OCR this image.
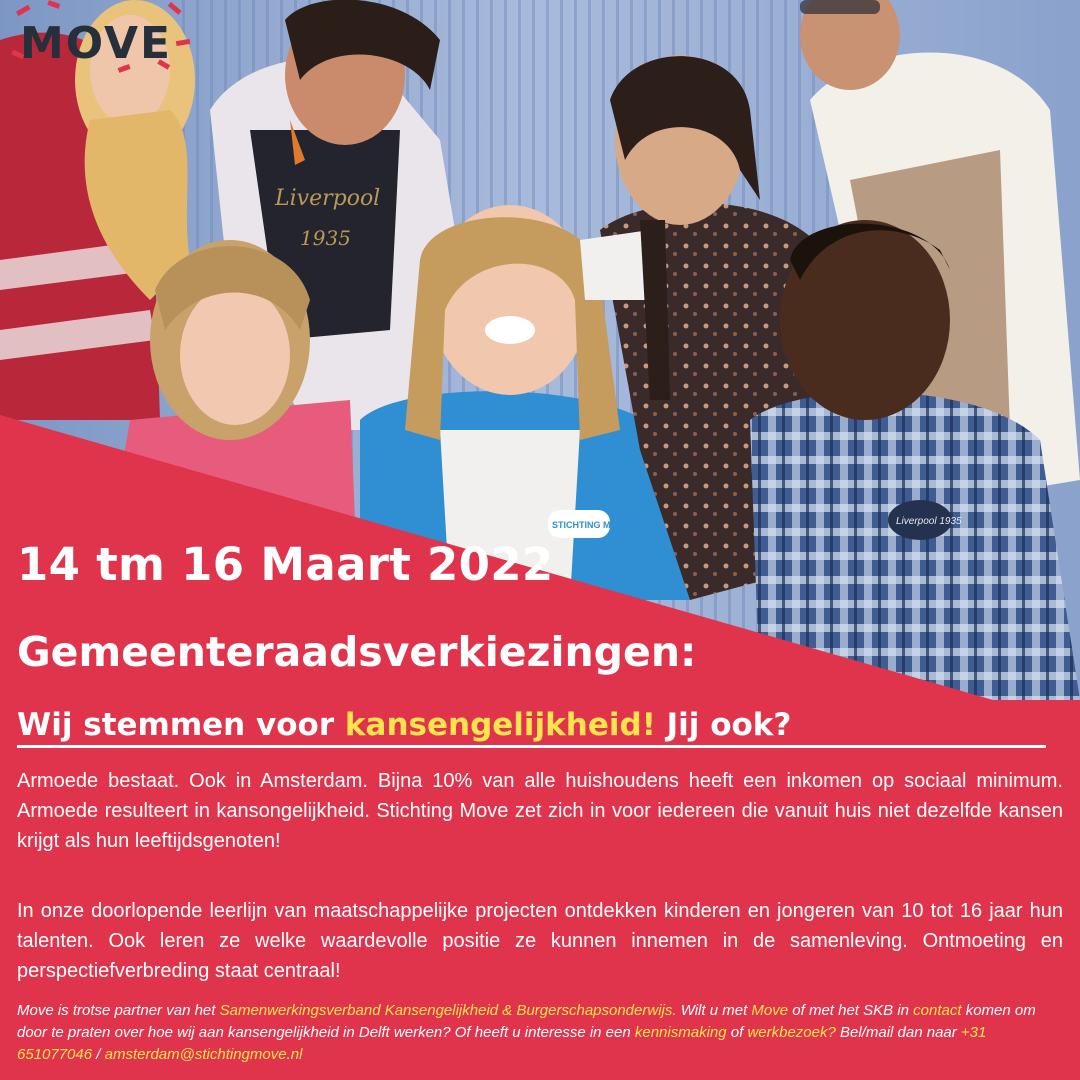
Liverpool
1935
STICHTING MOVE	Liverpool 1935
MOVE
14 tm 16 Maart 2022
Gemeenteraadsverkiezingen:
Wij stemmen voor kansengelijkheid! Jij ook?
Armoede bestaat. Ook in Amsterdam. Bijna 10% van alle huishoudens heeft een inkomen op sociaal minimum. Armoede resulteert in kansongelijkheid. Stichting Move zet zich in voor iedereen die vanuit huis niet dezelfde kansen krijgt als hun leeftijdsgenoten!
In onze doorlopende leerlijn van maatschappelijke projecten ontdekken kinderen en jongeren van 10 tot 16 jaar hun talenten. Ook leren ze welke waardevolle positie ze kunnen innemen in de samenleving. Ontmoeting en perspectiefverbreding staat centraal!
Move is trotse partner van het Samenwerkingsverband Kansengelijkheid & Burgerschapsonderwijs. Wilt u met Move of met het SKB in contact komen om door te praten over hoe wij aan kansengelijkheid in Delft werken? Of heeft u interesse in een kennismaking of werkbezoek? Bel/mail dan naar +31 651077046 / amsterdam@stichtingmove.nl
